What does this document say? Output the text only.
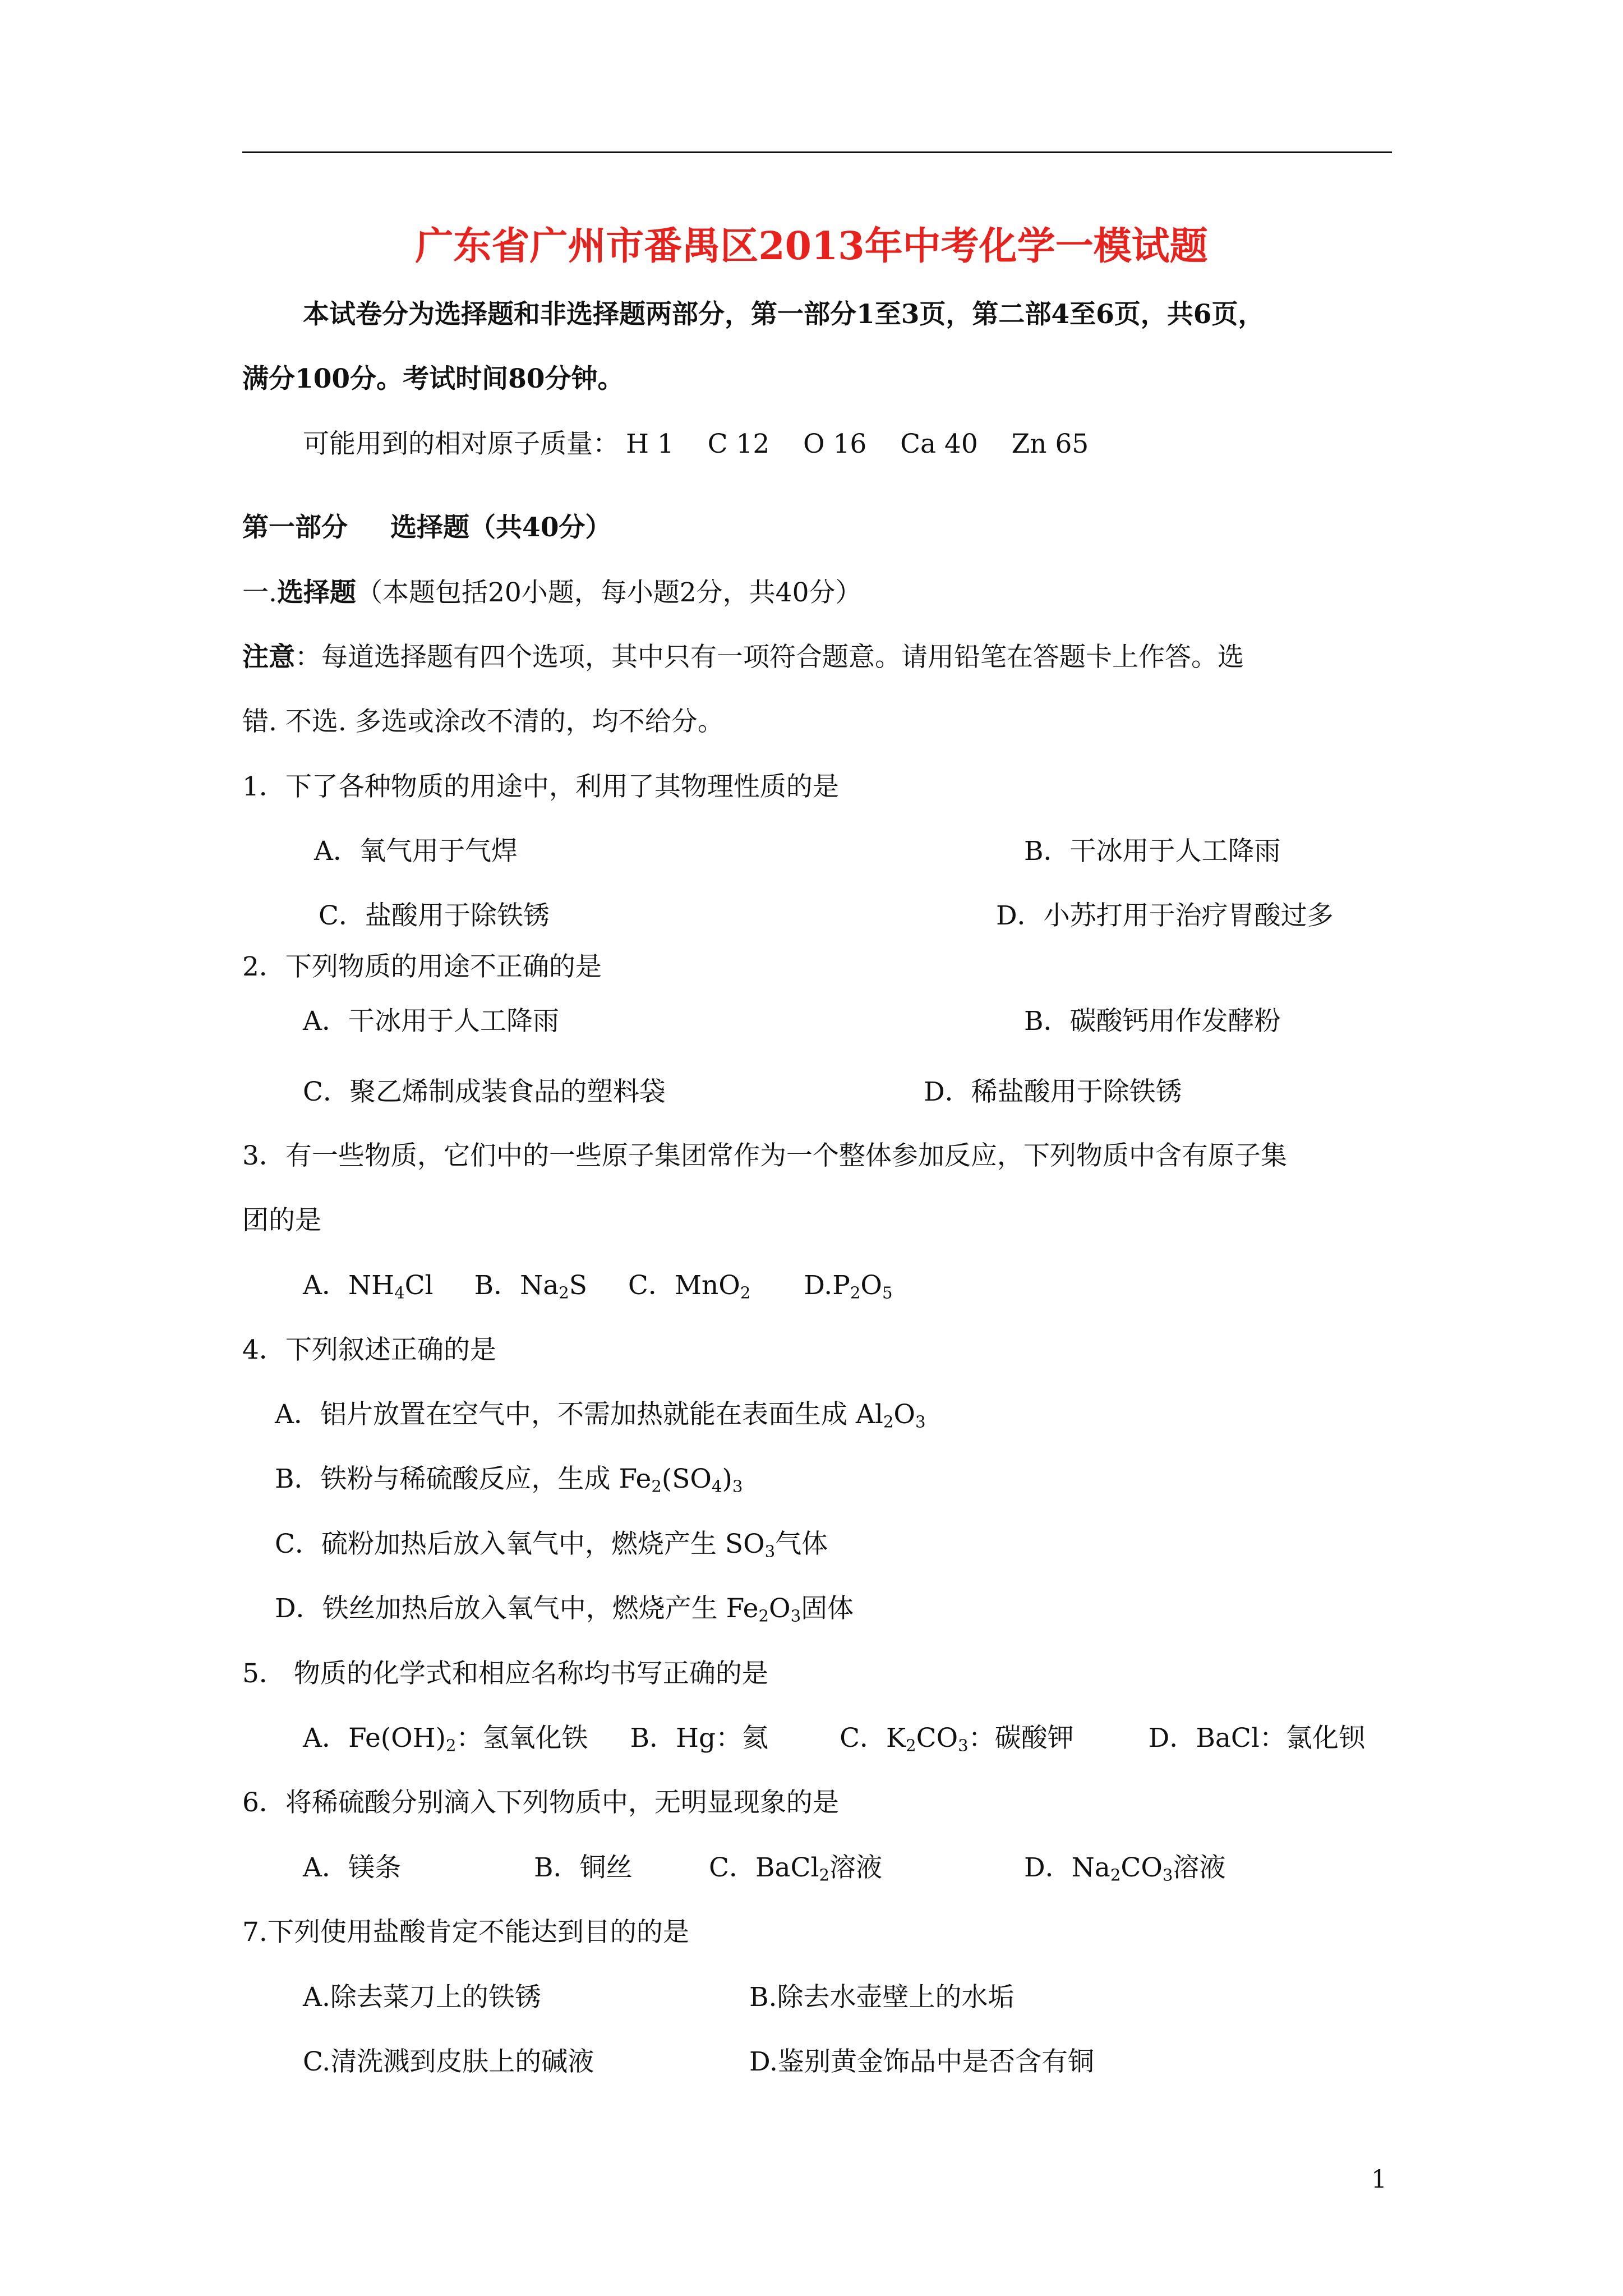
广东省广州市番禺区2013年中考化学一模试题
本试卷分为选择题和非选择题两部分，第一部分1至3页，第二部4至6页，共6页，
满分100分。考试时间80分钟。
可能用到的相对原子质量： H 1    C 12    O 16    Ca 40    Zn 65
第一部分 选择题（共40分）
一.选择题（本题包括20小题，每小题2分，共40分）
注意：每道选择题有四个选项，其中只有一项符合题意。请用铅笔在答题卡上作答。选
错. 不选. 多选或涂改不清的，均不给分。
1．下了各种物质的用途中，利用了其物理性质的是
A．氧气用于气焊	B．干冰用于人工降雨
C．盐酸用于除铁锈	D．小苏打用于治疗胃酸过多
2．下列物质的用途不正确的是
A．干冰用于人工降雨	B．碳酸钙用作发酵粉
C．聚乙烯制成装食品的塑料袋	D．稀盐酸用于除铁锈
3．有一些物质，它们中的一些原子集团常作为一个整体参加反应，下列物质中含有原子集
团的是
A．$NH_4Cl$ B．$Na_2S$ C．MnO$_2$ $D.P_2O_5$
4．下列叙述正确的是
A．铝片放置在空气中，不需加热就能在表面生成 $Al_2O_3$
B．铁粉与稀硫酸反应，生成 $Fe_2(SO_4)_3$
C．硫粉加热后放入氧气中，燃烧产生 $SO_3$气体
D．铁丝加热后放入氧气中，燃烧产生 $Fe_2O_3$固体
5． 物质的化学式和相应名称均书写正确的是
A．$Fe(OH)_2$：氢氧化铁 B．Hg：氦	C．$K_2CO_3$：碳酸钾	D．BaCl：氯化钡
6．将稀硫酸分别滴入下列物质中，无明显现象的是
A．镁条	B．铜丝	C．BaCl$_2$溶液	D．$Na_2CO_3$溶液
7.下列使用盐酸肯定不能达到目的的是
A.除去菜刀上的铁锈	B.除去水壶壁上的水垢
C.清洗溅到皮肤上的碱液	D.鉴别黄金饰品中是否含有铜
1
